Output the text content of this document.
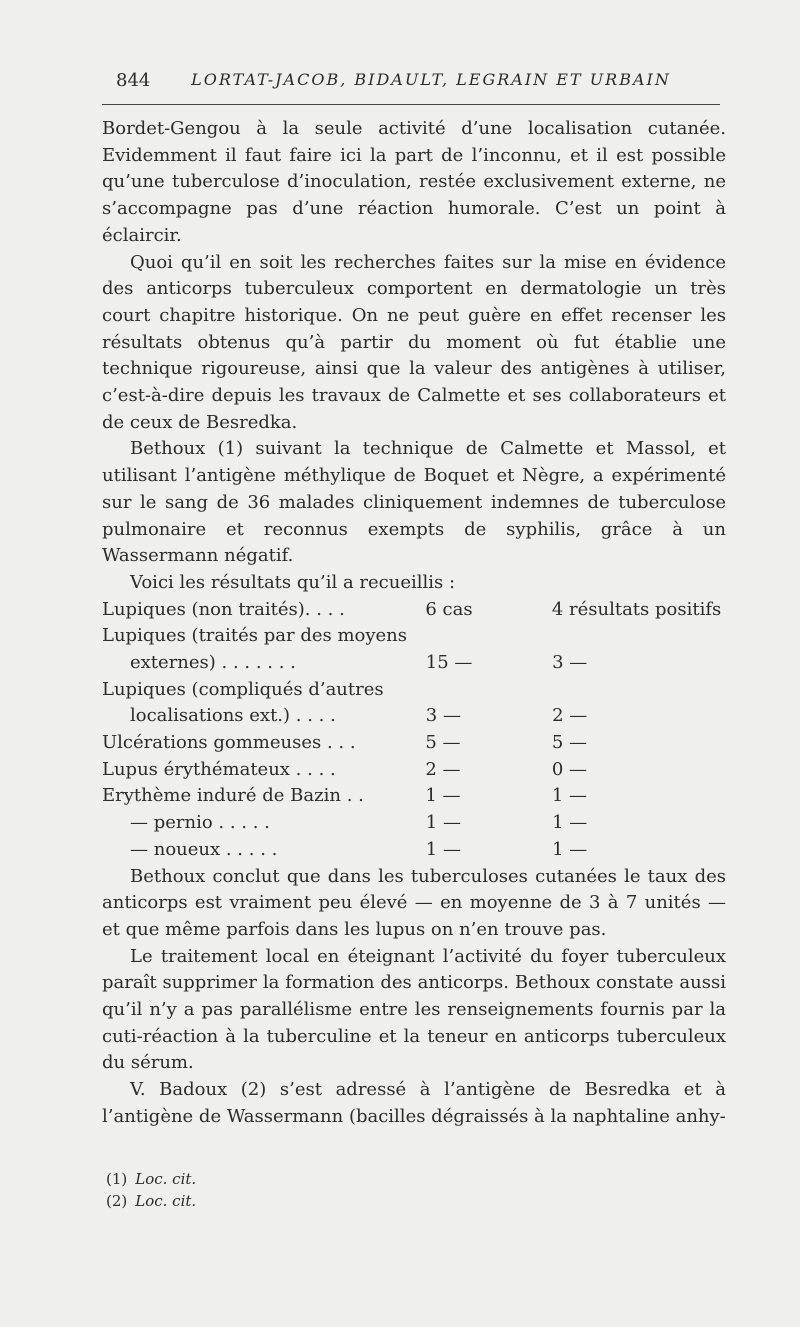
844	LORTAT-JACOB, BIDAULT, LEGRAIN ET URBAIN

Bordet-Gengou à la seule activité d’une localisation cutanée. Evidemment il faut faire ici la part de l’inconnu, et il est possible qu’une tuberculose d’inoculation, restée exclusivement externe, ne s’accompagne pas d’une réaction humorale. C’est un point à éclaircir.

Quoi qu’il en soit les recherches faites sur la mise en évidence des anticorps tuberculeux comportent en dermatologie un très court chapitre historique. On ne peut guère en effet recenser les résultats obtenus qu’à partir du moment où fut établie une technique rigoureuse, ainsi que la valeur des antigènes à utiliser, c’est-à-dire depuis les travaux de Calmette et ses collaborateurs et de ceux de Besredka.

Bethoux (1) suivant la technique de Calmette et Massol, et utilisant l’antigène méthylique de Boquet et Nègre, a expérimenté sur le sang de 36 malades cliniquement indemnes de tuberculose pulmonaire et reconnus exempts de syphilis, grâce à un Wassermann négatif.

Voici les résultats qu’il a recueillis :

Lupiques (non traités). . . .	6 cas	4 résultats positifs
Lupiques (traités par des moyens
externes) . . . . . . .	15 —	3 —
Lupiques (compliqués d’autres
localisations ext.) . . . .	3 —	2 —
Ulcérations gommeuses . . .	5 —	5 —
Lupus érythémateux . . . .	2 —	0 —
Erythème induré de Bazin . .	1 —	1 —
— pernio . . . . .	1 —	1 —
— noueux . . . . .	1 —	1 —

Bethoux conclut que dans les tuberculoses cutanées le taux des anticorps est vraiment peu élevé — en moyenne de 3 à 7 unités — et que même parfois dans les lupus on n’en trouve pas.

Le traitement local en éteignant l’activité du foyer tuberculeux paraît supprimer la formation des anticorps. Bethoux constate aussi qu’il n’y a pas parallélisme entre les renseignements fournis par la cuti-réaction à la tuberculine et la teneur en anticorps tuberculeux du sérum.

V. Badoux (2) s’est adressé à l’antigène de Besredka et à l’antigène de Wassermann (bacilles dégraissés à la naphtaline anhy-

(1) Loc. cit.
(2) Loc. cit.
